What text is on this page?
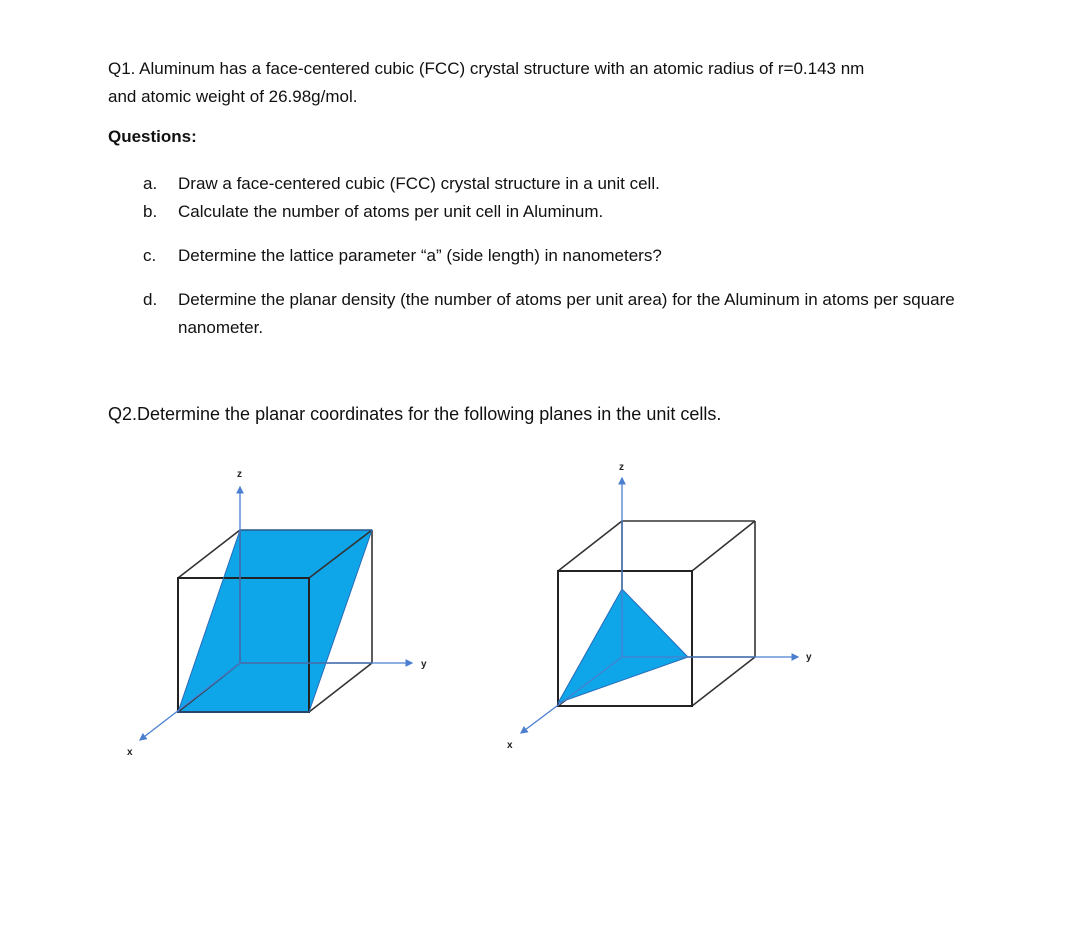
Q1. Aluminum has a face-centered cubic (FCC) crystal structure with an atomic radius of r=0.143 nm
and atomic weight of 26.98g/mol.
Questions:
a.	Draw a face-centered cubic (FCC) crystal structure in a unit cell.
b.	Calculate the number of atoms per unit cell in Aluminum.
c.	Determine the lattice parameter “a” (side length) in nanometers?
d.	Determine the planar density (the number of atoms per unit area) for the Aluminum in atoms per square nanometer.
Q2.Determine the planar coordinates for the following planes in the unit cells.
z
y
x
z
y
x
